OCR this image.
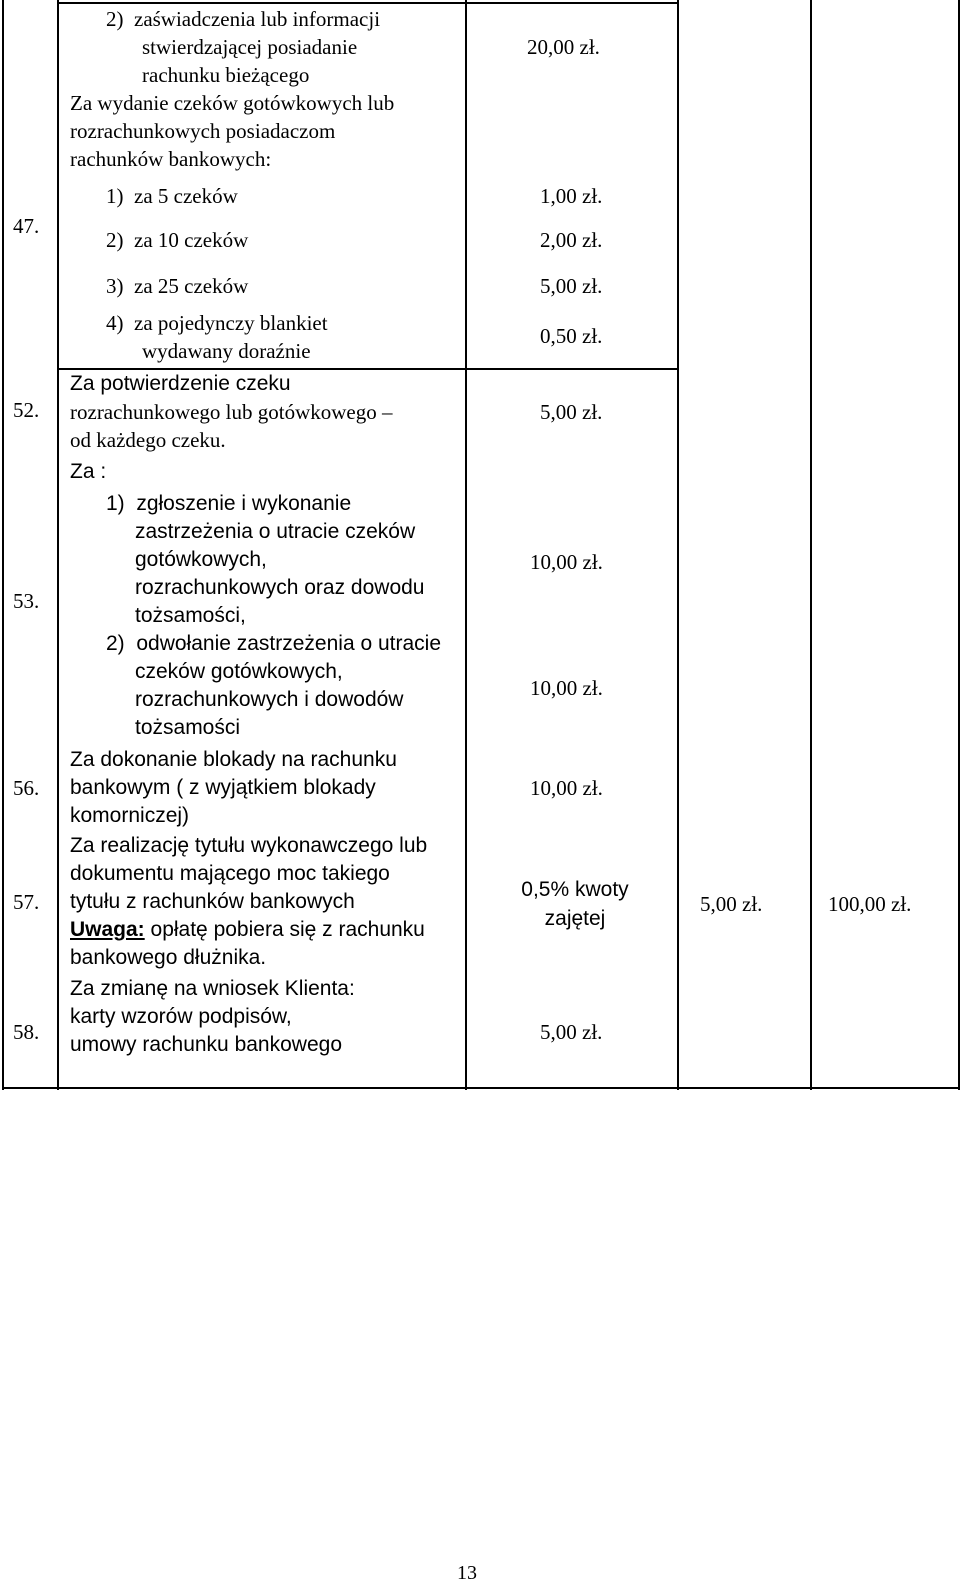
47.
2)  zaświadczenia lub informacji
stwierdzającej posiadanie
rachunku bieżącego
Za wydanie czeków gotówkowych lub
rozrachunkowych posiadaczom
rachunków bankowych:
1)  za 5 czeków
2)  za 10 czeków
3)  za 25 czeków
4)  za pojedynczy blankiet
wydawany doraźnie
20,00 zł.
1,00 zł.
2,00 zł.
5,00 zł.
0,50 zł.
52.
Za potwierdzenie czeku
rozrachunkowego lub gotówkowego –
od każdego czeku.
5,00 zł.
53.
Za :
1)  zgłoszenie i wykonanie
zastrzeżenia o utracie czeków
gotówkowych,
rozrachunkowych oraz dowodu
tożsamości,
2)  odwołanie zastrzeżenia o utracie
czeków gotówkowych,
rozrachunkowych i dowodów
tożsamości
10,00 zł.
10,00 zł.
56.
Za dokonanie blokady na rachunku
bankowym ( z wyjątkiem blokady
komorniczej)
10,00 zł.
57.
Za realizację tytułu wykonawczego lub
dokumentu mającego moc takiego
tytułu z rachunków bankowych
Uwaga: opłatę pobiera się z rachunku
bankowego dłużnika.
0,5% kwoty
zajętej
5,00 zł.	100,00 zł.
58.
Za zmianę na wniosek Klienta:
karty wzorów podpisów,
umowy rachunku bankowego
5,00 zł.
13
